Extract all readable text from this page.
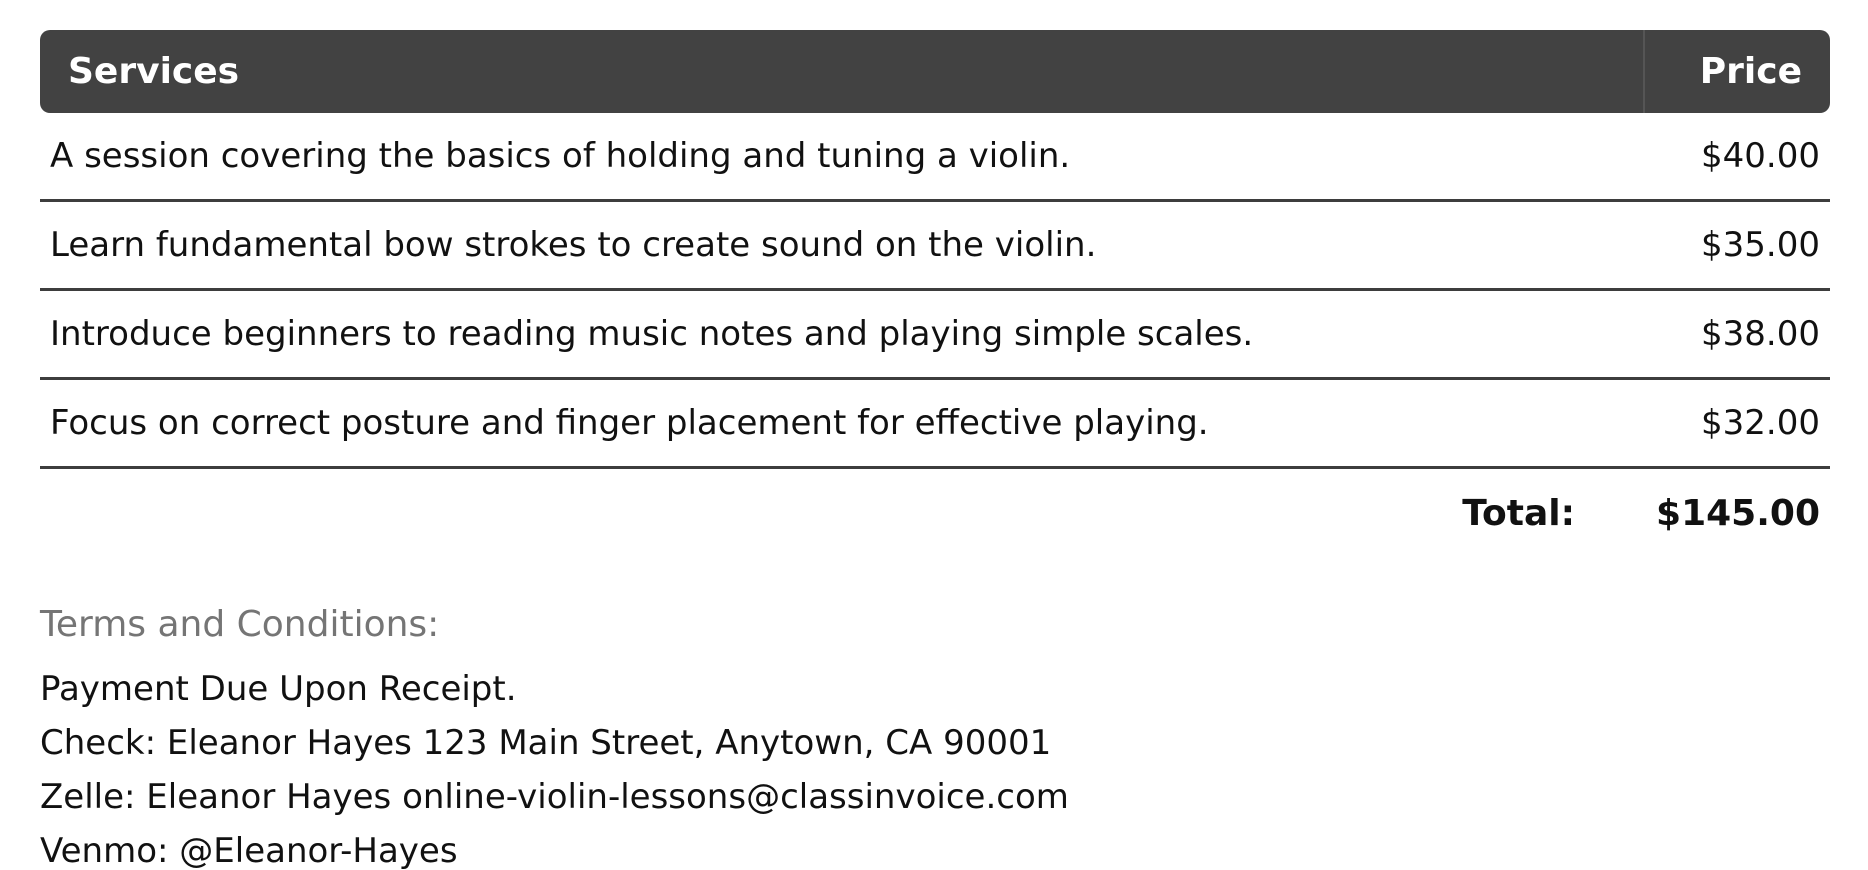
Services	Price
A session covering the basics of holding and tuning a violin.	$40.00
Learn fundamental bow strokes to create sound on the violin.	$35.00
Introduce beginners to reading music notes and playing simple scales.	$38.00
Focus on correct posture and finger placement for effective playing.	$32.00
Total:	$145.00
Terms and Conditions:
Payment Due Upon Receipt.
Check: Eleanor Hayes 123 Main Street, Anytown, CA 90001
Zelle: Eleanor Hayes online-violin-lessons@classinvoice.com
Venmo: @Eleanor-Hayes
